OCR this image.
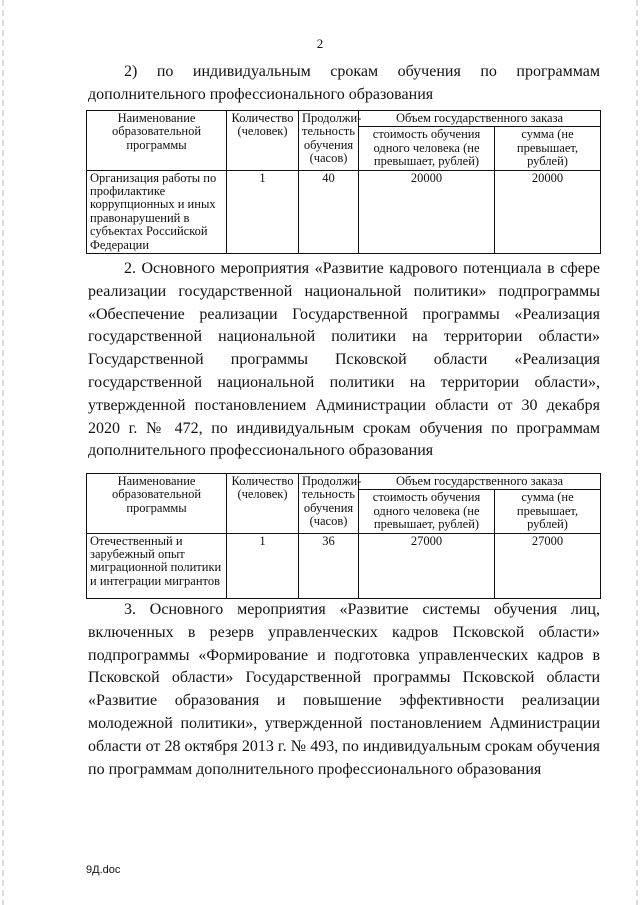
2

2) по индивидуальным срокам обучения по программам дополнительного профессионального образования

Наименование образовательной программы	Количество (человек)	Продолжи-тельность обучения (часов)	Объем государственного заказа	
			стоимость обучения одного человека (не превышает, рублей)	сумма (не превышает, рублей)
Организация работы по профилактике коррупционных и иных правонарушений в субъектах Российской Федерации	1	40	20000	20000

2. Основного мероприятия «Развитие кадрового потенциала в сфере реализации государственной национальной политики» подпрограммы «Обеспечение реализации Государственной программы «Реализация государственной национальной политики на территории области» Государственной программы Псковской области «Реализация государственной национальной политики на территории области», утвержденной постановлением Администрации области от 30 декабря 2020 г. № 472, по индивидуальным срокам обучения по программам дополнительного профессионального образования

Наименование образовательной программы	Количество (человек)	Продолжи-тельность обучения (часов)	Объем государственного заказа	
			стоимость обучения одного человека (не превышает, рублей)	сумма (не превышает, рублей)
Отечественный и зарубежный опыт миграционной политики и интеграции мигрантов	1	36	27000	27000

3. Основного мероприятия «Развитие системы обучения лиц, включенных в резерв управленческих кадров Псковской области» подпрограммы «Формирование и подготовка управленческих кадров в Псковской области» Государственной программы Псковской области «Развитие образования и повышение эффективности реализации молодежной политики», утвержденной постановлением Администрации области от 28 октября 2013 г. № 493, по индивидуальным срокам обучения по программам дополнительного профессионального образования

9Д.doc
